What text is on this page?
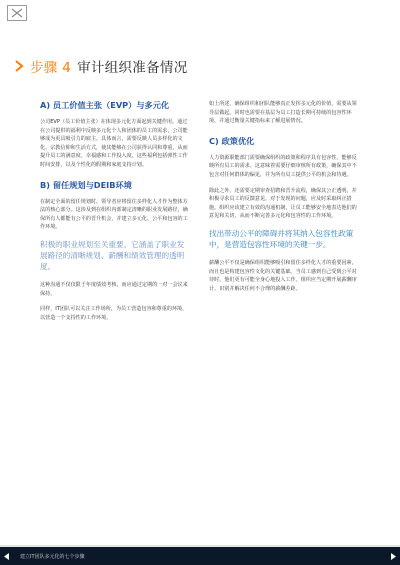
步骤 4 审计组织准备情况
A) 员工价值主张（EVP）与多元化

公司EVP（员工价值主张）在体现多元化方面起到关键作用。通过在公司提供的福利中反映多元化个人和团体的员工的需求，公司能够成为更具吸引力的雇主。具体而言，需要反映人员多样化的文化、宗教信仰和生活方式，使其能够在公司获得认同和尊重，从而提升员工的满意度、幸福感和工作投入度。这些福利包括弹性工作时间安排，以及个性化的假期和家庭支持计划。

B) 留任规划与DEIB环境

在制定全面的留任规划时，领导者应将留住多样化人才作为整体方法的核心部分。这涉及到在组织内部制定清晰的职业发展路径，确保所有人都能有公平的晋升机会，并建立多元化、公平和包容的工作环境。

积极的职业规划至关重要。它涵盖了职业发展路径的清晰规划、薪酬和绩效管理的透明度。

这种沟通不仅仅限于年度绩效考核，而应通过定期的一对一会议来保持。

同样，IT团队可以关注工作场所，为员工营造包容和尊重的环境，以营造一个支持性的工作环境。

如上所述，确保组织和团队能够真正发挥多元化的价值，需要从领导层做起。同时也需要在基层为员工打造长期可持续的包容性环境，并通过衡量关键指标来了解进展情况。

C) 政策优化

人力资源职能部门需要确保组织的政策和程序具有包容性，能够反映所有员工的需求。这意味着需要仔细审核所有政策，确保其中不包含对任何群体的偏见，并为所有员工提供公平的机会和待遇。

除此之外，还需要定期审查招聘和晋升流程，确保其公正透明，并积极寻求员工的反馈意见。对于发现的问题，应及时采取纠正措施。组织应该建立有效的沟通机制，让员工能够安全地表达他们的意见和关切，从而不断完善多元化和包容性的工作环境。

找出带动公平的障碍并将其纳入包容性政策中，是营造包容性环境的关键一步。

薪酬公平不仅是确保组织能够吸引和留住多样化人才的重要因素，而且也是构建包容性文化的关键基础。当员工感到自己受到公平对待时，他们更有可能全身心地投入工作。组织应当定期开展薪酬审计，识别并解决任何不合理的薪酬差距。

建立IT团队多元化的七个步骤
